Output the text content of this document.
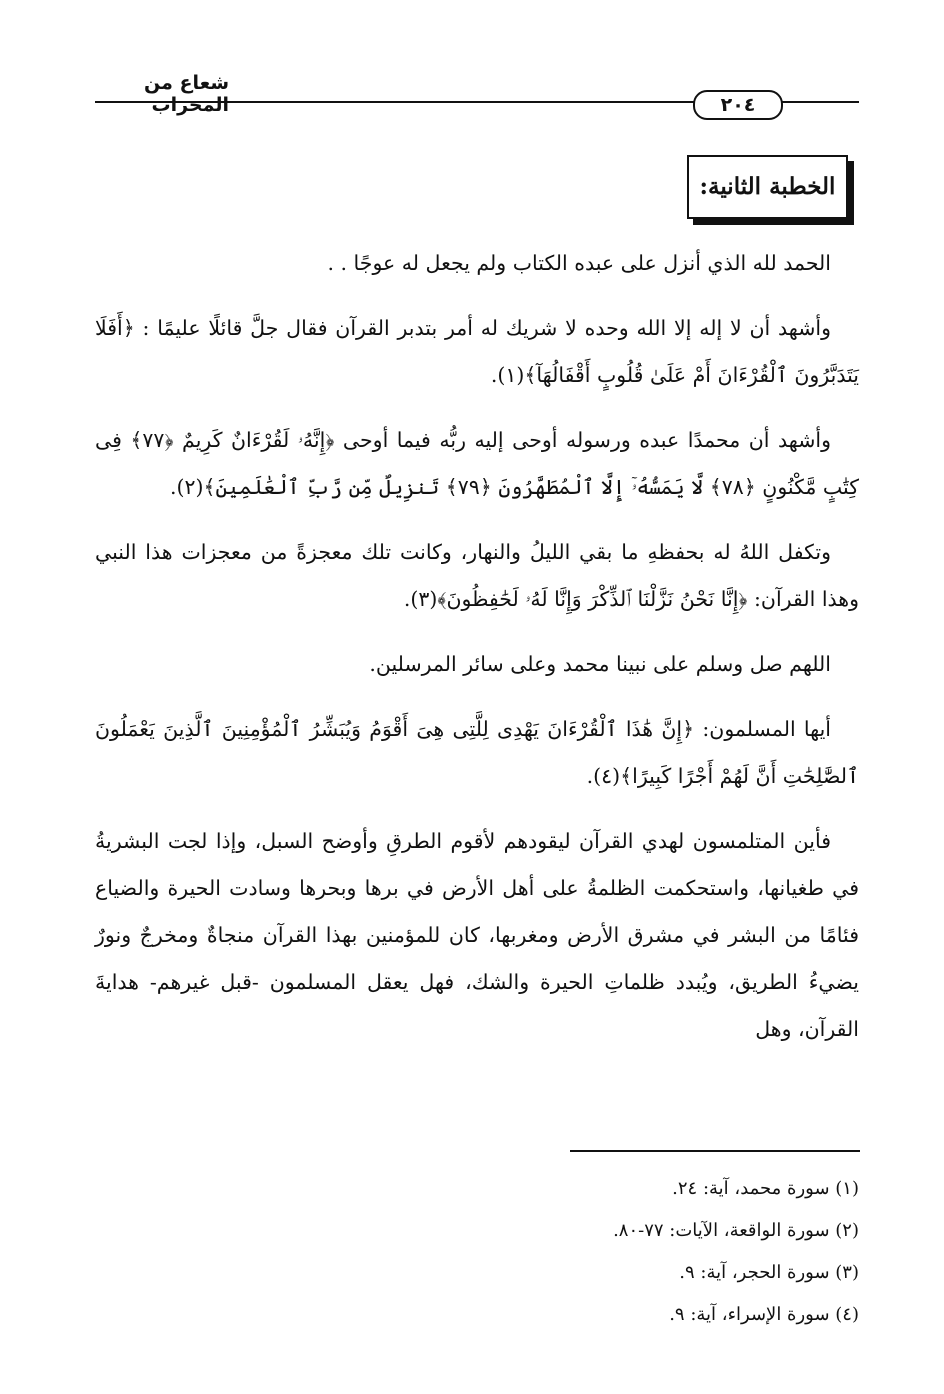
شعاع من المحراب	٢٠٤
الخطبة الثانية:

الحمد لله الذي أنزل على عبده الكتاب ولم يجعل له عوجًا . .

وأشهد أن لا إله إلا الله وحده لا شريك له أمر بتدبر القرآن فقال جلَّ قائلًا عليمًا : ﴿أَفَلَا يَتَدَبَّرُونَ ٱلْقُرْءَانَ أَمْ عَلَىٰ قُلُوبٍ أَقْفَالُهَآ﴾(١).

وأشهد أن محمدًا عبده ورسوله أوحى إليه ربُّه فيما أوحى ﴿إِنَّهُۥ لَقُرْءَانٌ كَرِيمٌ ﴿٧٧﴾ فِى كِتَٰبٍ مَّكْنُونٍ ﴿٧٨﴾ لَّا يَمَسُّهُۥٓ إِلَّا ٱلْمُطَهَّرُونَ ﴿٧٩﴾ تَنزِيلٌ مِّن رَّبِّ ٱلْعَٰلَمِينَ﴾(٢).

وتكفل اللهُ له بحفظهِ ما بقي الليلُ والنهار، وكانت تلك معجزةً من معجزات هذا النبي وهذا القرآن: ﴿إِنَّا نَحْنُ نَزَّلْنَا ٱلذِّكْرَ وَإِنَّا لَهُۥ لَحَٰفِظُونَ﴾(٣).

اللهم صل وسلم على نبينا محمد وعلى سائر المرسلين.

أيها المسلمون: ﴿إِنَّ هَٰذَا ٱلْقُرْءَانَ يَهْدِى لِلَّتِى هِىَ أَقْوَمُ وَيُبَشِّرُ ٱلْمُؤْمِنِينَ ٱلَّذِينَ يَعْمَلُونَ ٱلصَّٰلِحَٰتِ أَنَّ لَهُمْ أَجْرًا كَبِيرًا﴾(٤).

فأين المتلمسون لهدي القرآن ليقودهم لأقوم الطرقِ وأوضح السبل، وإذا لجت البشريةُ في طغيانها، واستحكمت الظلمةُ على أهل الأرض في برها وبحرها وسادت الحيرة والضياع فئامًا من البشر في مشرق الأرض ومغربها، كان للمؤمنين بهذا القرآن منجاةٌ ومخرجٌ ونورٌ يضيءُ الطريق، ويُبدد ظلماتِ الحيرة والشك، فهل يعقل المسلمون -قبل غيرهم- هدايةَ القرآن، وهل

(١) سورة محمد، آية: ٢٤.
(٢) سورة الواقعة، الآيات: ٧٧-٨٠.
(٣) سورة الحجر، آية: ٩.
(٤) سورة الإسراء، آية: ٩.
